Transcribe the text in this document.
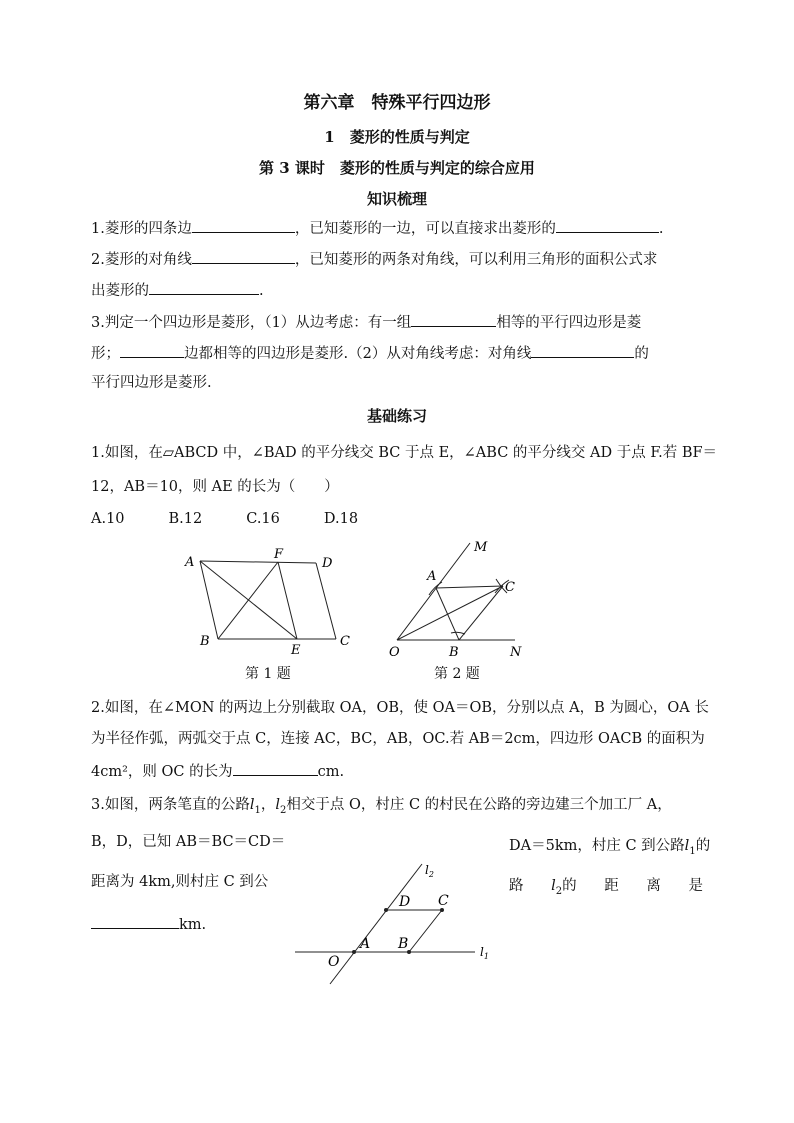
第六章　特殊平行四边形
1　菱形的性质与判定
第 3 课时　菱形的性质与判定的综合应用
知识梳理
1.菱形的四条边	，已知菱形的一边，可以直接求出菱形的	.
2.菱形的对角线	，已知菱形的两条对角线，可以利用三角形的面积公式求
出菱形的	.
3.判定一个四边形是菱形，（1）从边考虑：有一组	相等的平行四边形是菱
形；	边都相等的四边形是菱形.（2）从对角线考虑：对角线	的
平行四边形是菱形.
基础练习
1.如图，在▱ABCD 中，∠BAD 的平分线交 BC 于点 E，∠ABC 的平分线交 AD 于点 F.若 BF＝
12，AB＝10，则 AE 的长为（　　）
A.10	B.12	C.16	D.18
A
F
D
B
E
C
第 1 题
M
A
C
O	B	N
第 2 题
2.如图，在∠MON 的两边上分别截取 OA，OB，使 OA＝OB，分别以点 A，B 为圆心，OA 长
为半径作弧，两弧交于点 C，连接 AC，BC，AB，OC.若 AB＝2cm，四边形 OACB 的面积为
4cm²，则 OC 的长为	cm.
3.如图，两条笔直的公路$l_1$，$l_2$相交于点 O，村庄 C 的村民在公路的旁边建三个加工厂 A，
B，D，已知 AB＝BC＝CD＝	DA＝5km，村庄 C 到公路$l_1$的
距离为 4km,则村庄 C 到公	路 $l_2$的 距 离 是
km.
$l_2$
$l_1$
D C
A B
O
